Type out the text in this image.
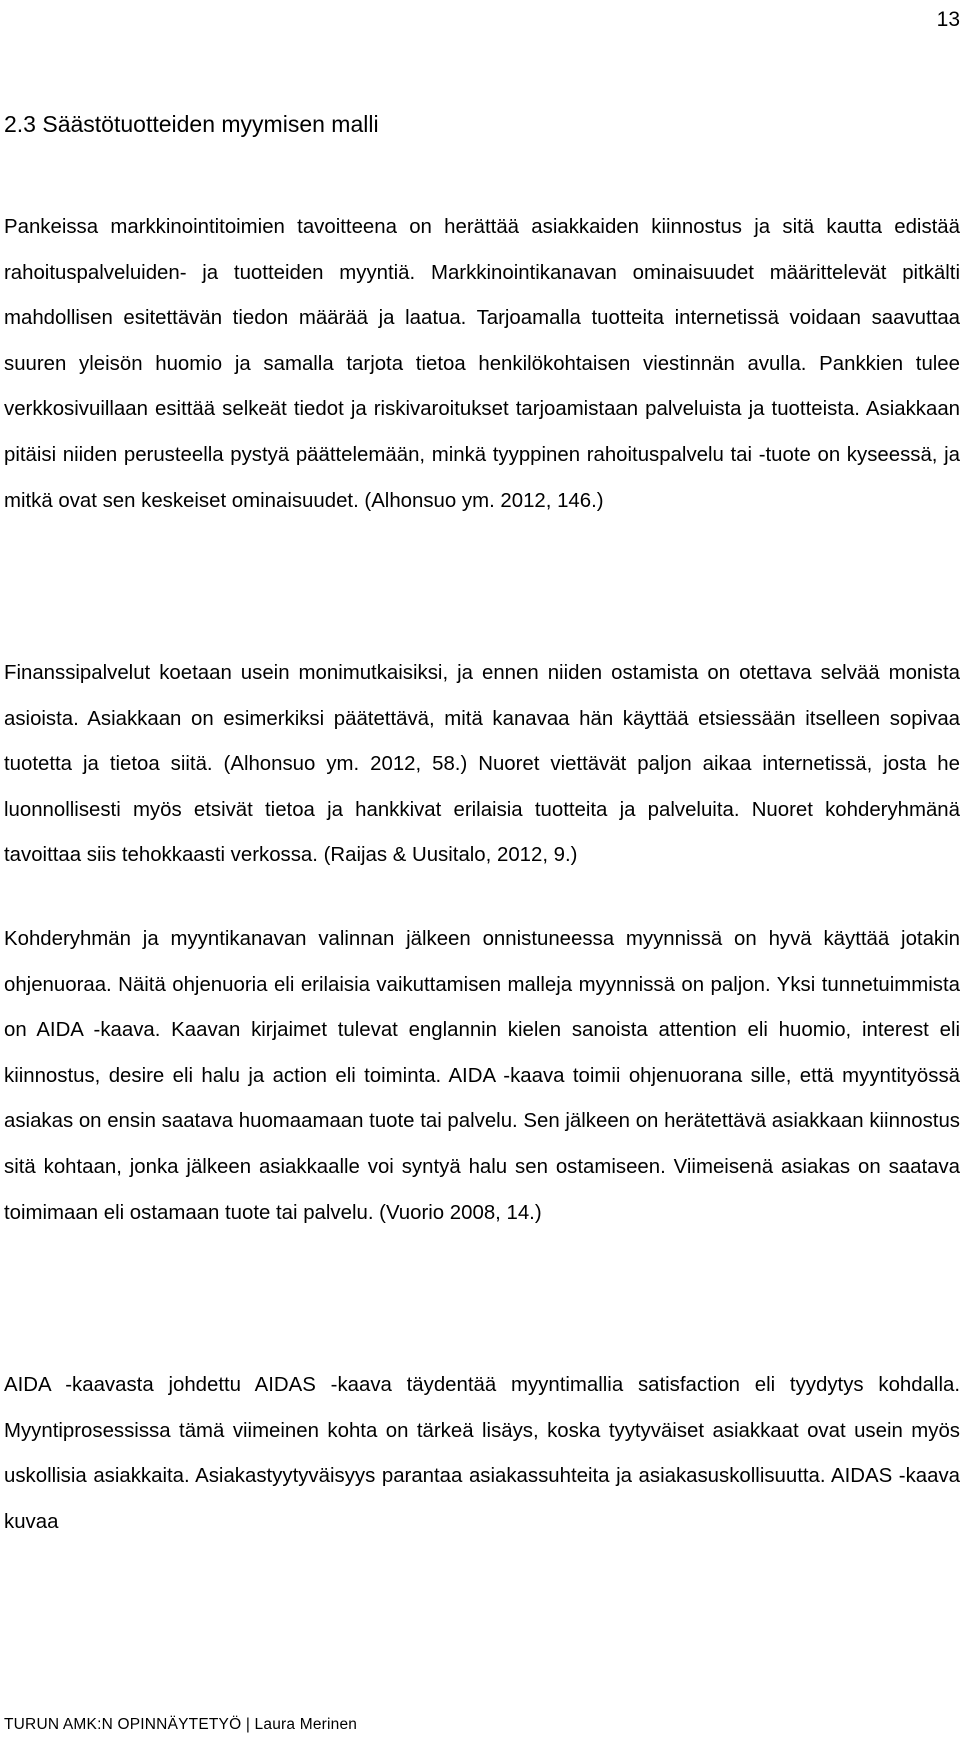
13
2.3 Säästötuotteiden myymisen malli

Pankeissa markkinointitoimien tavoitteena on herättää asiakkaiden kiinnostus ja sitä kautta edistää rahoituspalveluiden- ja tuotteiden myyntiä. Markkinointikanavan ominaisuudet määrittelevät pitkälti mahdollisen esitettävän tiedon määrää ja laatua. Tarjoamalla tuotteita internetissä voidaan saavuttaa suuren yleisön huomio ja samalla tarjota tietoa henkilökohtaisen viestinnän avulla. Pankkien tulee verkkosivuillaan esittää selkeät tiedot ja riskivaroitukset tarjoamistaan palveluista ja tuotteista. Asiakkaan pitäisi niiden perusteella pystyä päättelemään, minkä tyyppinen rahoituspalvelu tai -tuote on kyseessä, ja mitkä ovat sen keskeiset ominaisuudet. (Alhonsuo ym. 2012, 146.)

Finanssipalvelut koetaan usein monimutkaisiksi, ja ennen niiden ostamista on otettava selvää monista asioista. Asiakkaan on esimerkiksi päätettävä, mitä kanavaa hän käyttää etsiessään itselleen sopivaa tuotetta ja tietoa siitä. (Alhonsuo ym. 2012, 58.) Nuoret viettävät paljon aikaa internetissä, josta he luonnollisesti myös etsivät tietoa ja hankkivat erilaisia tuotteita ja palveluita. Nuoret kohderyhmänä tavoittaa siis tehokkaasti verkossa. (Raijas & Uusitalo, 2012, 9.)

Kohderyhmän ja myyntikanavan valinnan jälkeen onnistuneessa myynnissä on hyvä käyttää jotakin ohjenuoraa. Näitä ohjenuoria eli erilaisia vaikuttamisen malleja myynnissä on paljon. Yksi tunnetuimmista on AIDA -kaava. Kaavan kirjaimet tulevat englannin kielen sanoista attention eli huomio, interest eli kiinnostus, desire eli halu ja action eli toiminta. AIDA -kaava toimii ohjenuorana sille, että myyntityössä asiakas on ensin saatava huomaamaan tuote tai palvelu. Sen jälkeen on herätettävä asiakkaan kiinnostus sitä kohtaan, jonka jälkeen asiakkaalle voi syntyä halu sen ostamiseen. Viimeisenä asiakas on saatava toimimaan eli ostamaan tuote tai palvelu. (Vuorio 2008, 14.)

AIDA -kaavasta johdettu AIDAS -kaava täydentää myyntimallia satisfaction eli tyydytys kohdalla. Myyntiprosessissa tämä viimeinen kohta on tärkeä lisäys, koska tyytyväiset asiakkaat ovat usein myös uskollisia asiakkaita. Asiakastyytyväisyys parantaa asiakassuhteita ja asiakasuskollisuutta. AIDAS -kaava kuvaa

TURUN AMK:N OPINNÄYTETYÖ | Laura Merinen
